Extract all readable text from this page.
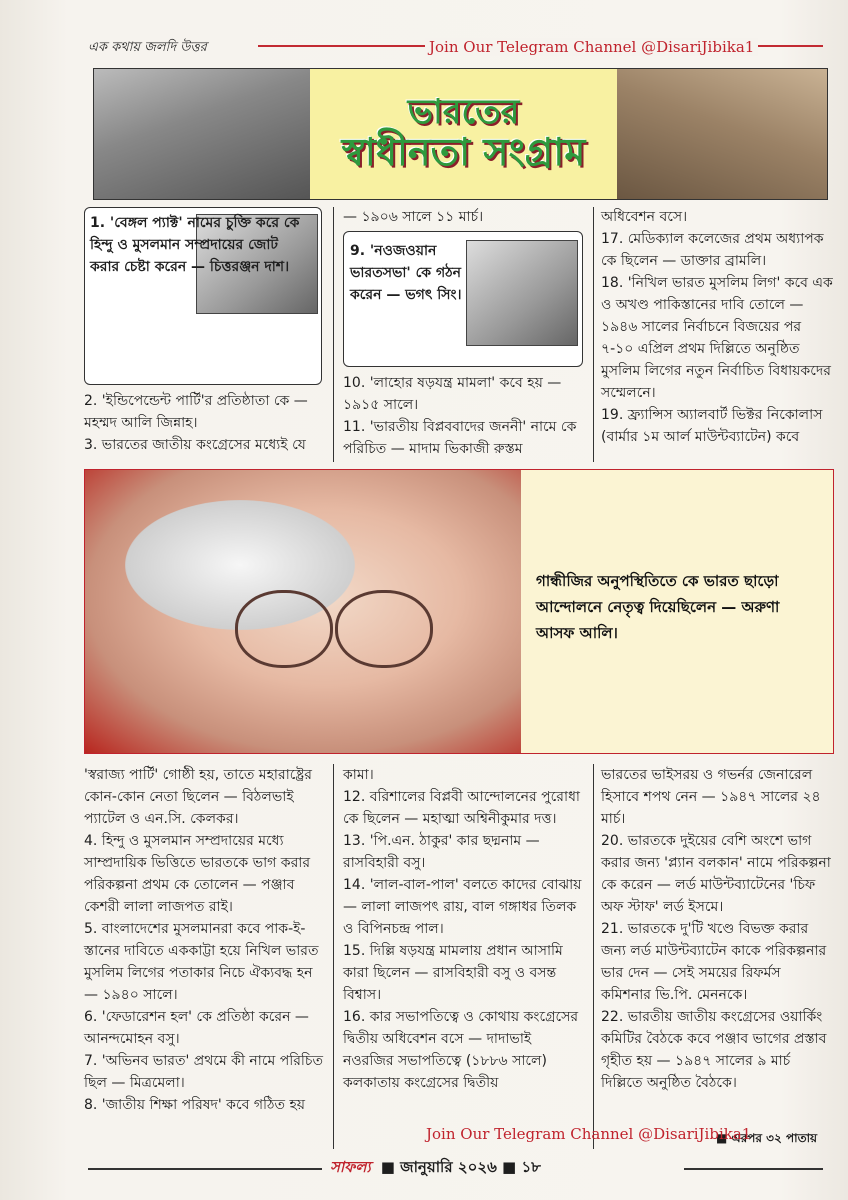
এক কথায় জলদি উত্তর	Join Our Telegram Channel @DisariJibika1
ভারতের
স্বাধীনতা সংগ্রাম

1. 'বেঙ্গল প্যাক্ট' নামের চুক্তি করে কে হিন্দু ও মুসলমান সম্প্রদায়ের জোট করার চেষ্টা করেন — চিত্তরঞ্জন দাশ।

2. 'ইন্ডিপেন্ডেন্ট পার্টি'র প্রতিষ্ঠাতা কে — মহম্মদ আলি জিন্নাহ।

3. ভারতের জাতীয় কংগ্রেসের মধ্যেই যে

— ১৯০৬ সালে ১১ মার্চ।

9. 'নওজওয়ান ভারতসভা' কে গঠন করেন — ভগৎ সিং।

10. 'লাহোর ষড়যন্ত্র মামলা' কবে হয় — ১৯১৫ সালে।

11. 'ভারতীয় বিপ্লববাদের জননী' নামে কে পরিচিত — মাদাম ভিকাজী রুস্তম

অধিবেশন বসে।

17. মেডিক্যাল কলেজের প্রথম অধ্যাপক কে ছিলেন — ডাক্তার ব্রামলি।

18. 'নিখিল ভারত মুসলিম লিগ' কবে এক ও অখণ্ড পাকিস্তানের দাবি তোলে — ১৯৪৬ সালের নির্বাচনে বিজয়ের পর ৭-১০ এপ্রিল প্রথম দিল্লিতে অনুষ্ঠিত মুসলিম লিগের নতুন নির্বাচিত বিধায়কদের সম্মেলনে।

19. ফ্র্যান্সিস অ্যালবার্ট ভিক্টর নিকোলাস (বার্মার ১ম আর্ল মাউন্টব্যাটেন) কবে

গান্ধীজির অনুপস্থিতিতে কে ভারত ছাড়ো আন্দোলনে নেতৃত্ব দিয়েছিলেন — অরুণা আসফ আলি।

'স্বরাজ্য পার্টি' গোষ্ঠী হয়, তাতে মহারাষ্ট্রের কোন-কোন নেতা ছিলেন — বিঠলভাই প্যাটেল ও এন.সি. কেলকর।

4. হিন্দু ও মুসলমান সম্প্রদায়ের মধ্যে সাম্প্রদায়িক ভিত্তিতে ভারতকে ভাগ করার পরিকল্পনা প্রথম কে তোলেন — পঞ্জাব কেশরী লালা লাজপত রাই।

5. বাংলাদেশের মুসলমানরা কবে পাক-ই-স্তানের দাবিতে এককাট্টা হয়ে নিখিল ভারত মুসলিম লিগের পতাকার নিচে ঐক্যবদ্ধ হন — ১৯৪০ সালে।

6. 'ফেডারেশন হল' কে প্রতিষ্ঠা করেন — আনন্দমোহন বসু।

7. 'অভিনব ভারত' প্রথমে কী নামে পরিচিত ছিল — মিত্রমেলা।

8. 'জাতীয় শিক্ষা পরিষদ' কবে গঠিত হয়

কামা।

12. বরিশালের বিপ্লবী আন্দোলনের পুরোধা কে ছিলেন — মহাত্মা অশ্বিনীকুমার দত্ত।

13. 'পি.এন. ঠাকুর' কার ছদ্মনাম — রাসবিহারী বসু।

14. 'লাল-বাল-পাল' বলতে কাদের বোঝায় — লালা লাজপৎ রায়, বাল গঙ্গাধর তিলক ও বিপিনচন্দ্র পাল।

15. দিল্লি ষড়যন্ত্র মামলায় প্রধান আসামি কারা ছিলেন — রাসবিহারী বসু ও বসন্ত বিশ্বাস।

16. কার সভাপতিত্বে ও কোথায় কংগ্রেসের দ্বিতীয় অধিবেশন বসে — দাদাভাই নওরজির সভাপতিত্বে (১৮৮৬ সালে) কলকাতায় কংগ্রেসের দ্বিতীয়

ভারতের ভাইসরয় ও গভর্নর জেনারেল হিসাবে শপথ নেন — ১৯৪৭ সালের ২৪ মার্চ।

20. ভারতকে দুইয়ের বেশি অংশে ভাগ করার জন্য 'প্ল্যান বলকান' নামে পরিকল্পনা কে করেন — লর্ড মাউন্টব্যাটেনের 'চিফ অফ স্টাফ' লর্ড ইসমে।

21. ভারতকে দু'টি খণ্ডে বিভক্ত করার জন্য লর্ড মাউন্টব্যাটেন কাকে পরিকল্পনার ভার দেন — সেই সময়ের রিফর্মস কমিশনার ভি.পি. মেননকে।

22. ভারতীয় জাতীয় কংগ্রেসের ওয়ার্কিং কমিটির বৈঠকে কবে পঞ্জাব ভাগের প্রস্তাব গৃহীত হয় — ১৯৪৭ সালের ৯ মার্চ দিল্লিতে অনুষ্ঠিত বৈঠকে।

■ এরপর ৩২ পাতায়
Join Our Telegram Channel @DisariJibika1
সাফল্য ■ জানুয়ারি ২০২৬ ■ ১৮
